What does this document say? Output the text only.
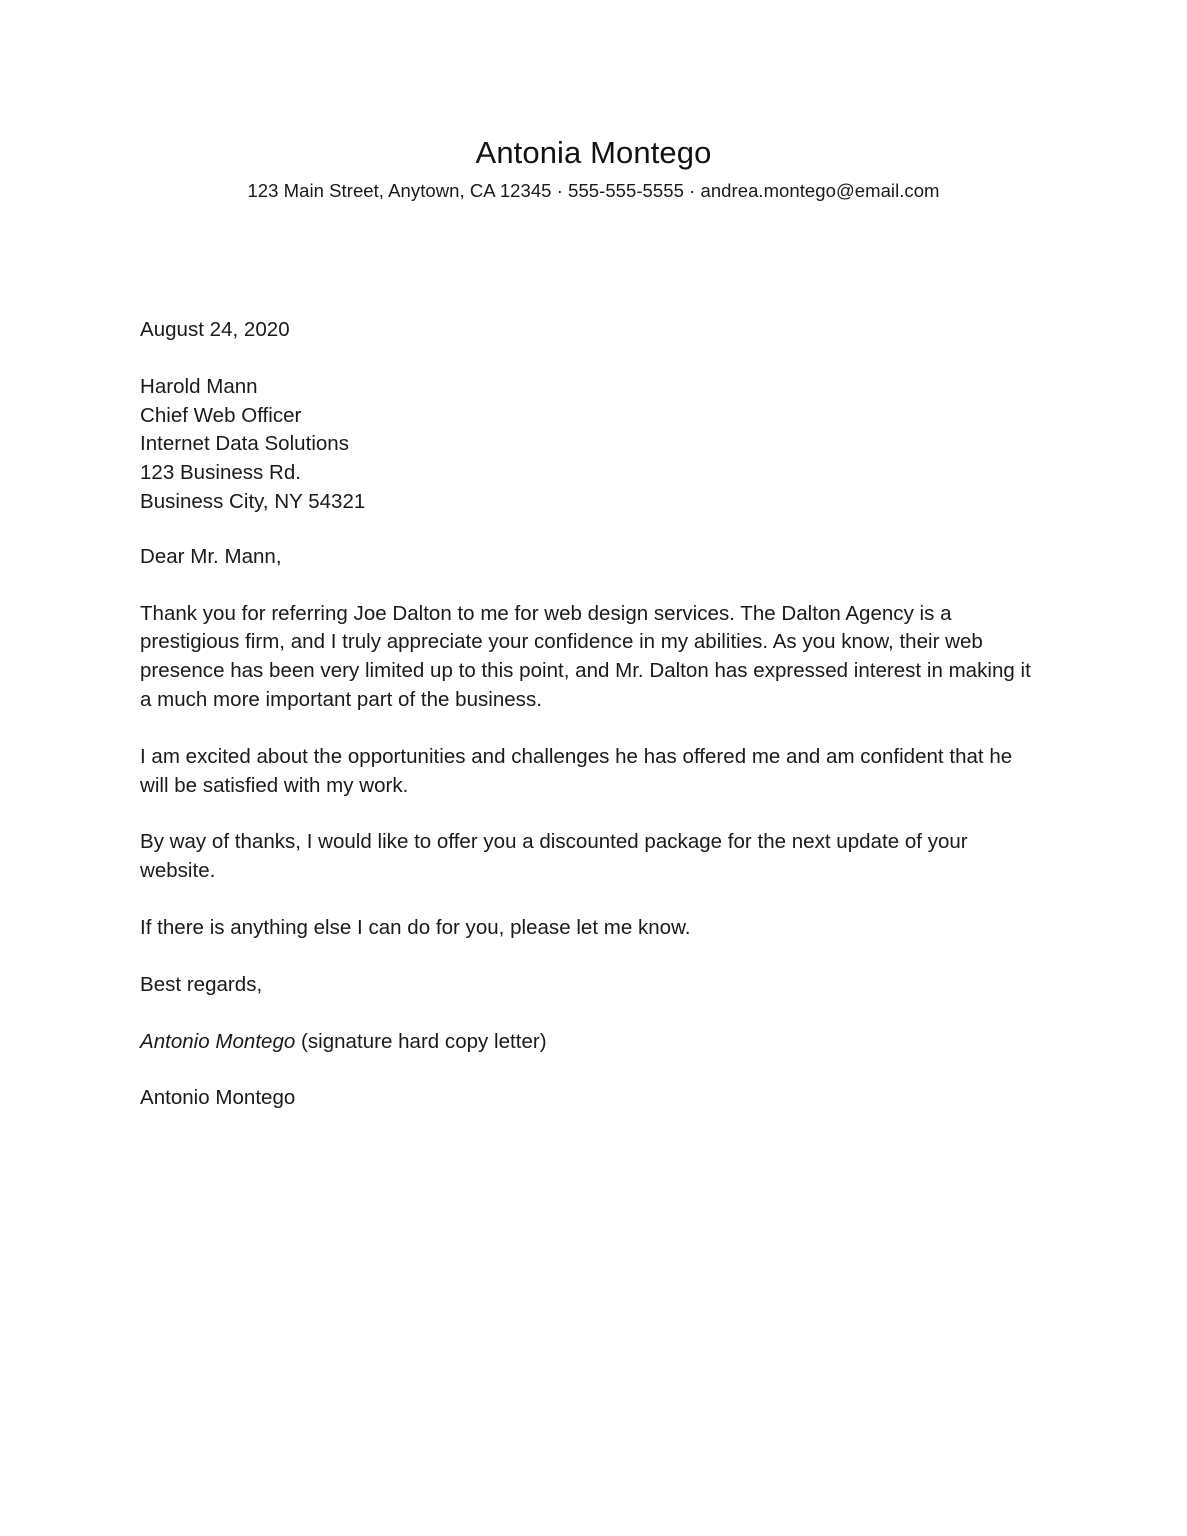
Antonia Montego

123 Main Street, Anytown, CA 12345 · 555-555-5555 · andrea.montego@email.com

August 24, 2020

Harold Mann
Chief Web Officer
Internet Data Solutions
123 Business Rd.
Business City, NY 54321

Dear Mr. Mann,

Thank you for referring Joe Dalton to me for web design services. The Dalton Agency is a prestigious firm, and I truly appreciate your confidence in my abilities. As you know, their web presence has been very limited up to this point, and Mr. Dalton has expressed interest in making it a much more important part of the business.

I am excited about the opportunities and challenges he has offered me and am confident that he will be satisfied with my work.

By way of thanks, I would like to offer you a discounted package for the next update of your website.

If there is anything else I can do for you, please let me know.

Best regards,

Antonio Montego (signature hard copy letter)

Antonio Montego
